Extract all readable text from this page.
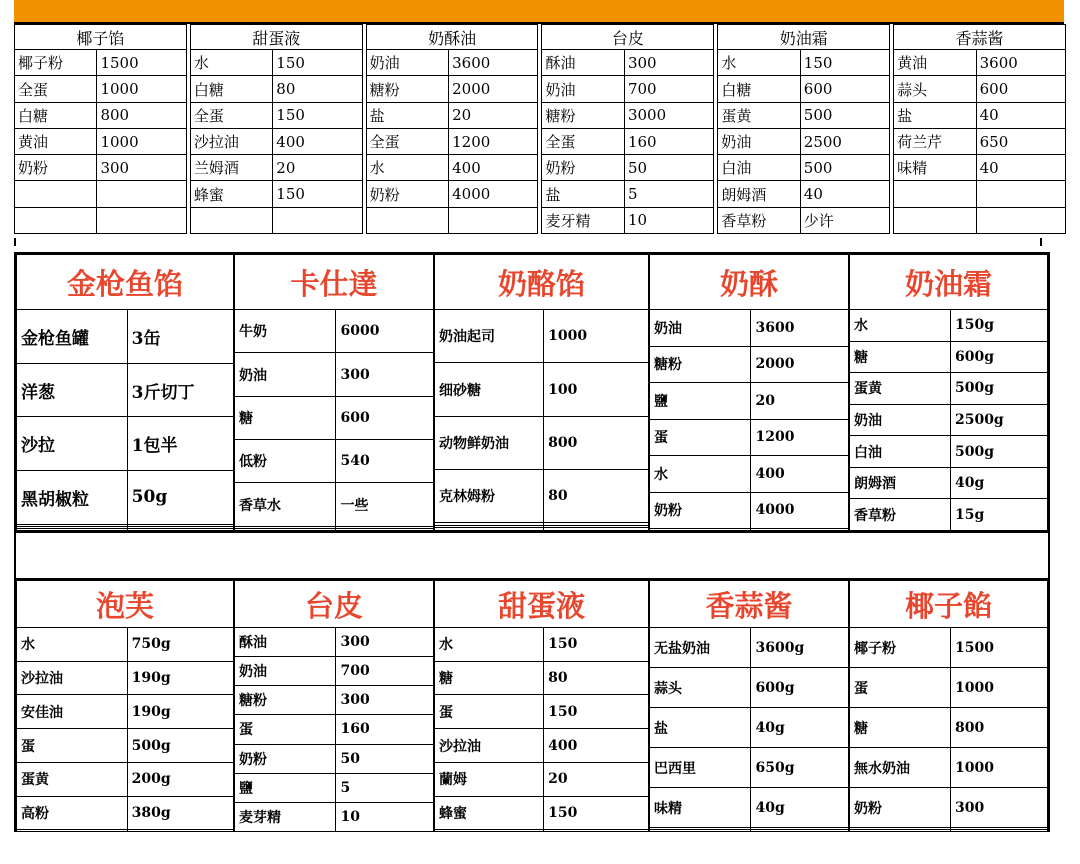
椰子馅	
椰子粉	1500
全蛋	1000
白糖	800
黄油	1000
奶粉	300

甜蛋液	
水	150
白糖	80
全蛋	150
沙拉油	400
兰姆酒	20
蜂蜜	150

奶酥油	
奶油	3600
糖粉	2000
盐	20
全蛋	1200
水	400
奶粉	4000

台皮	
酥油	300
奶油	700
糖粉	3000
全蛋	160
奶粉	50
盐	5
麦牙精	10
奶油霜	
水	150
白糖	600
蛋黄	500
奶油	2500
白油	500
朗姆酒	40
香草粉	少许
香蒜酱	
黄油	3600
蒜头	600
盐	40
荷兰芹	650
味精	40

金枪鱼馅	
金枪鱼罐	3缶
洋葱	3斤切丁
沙拉	1包半
黑胡椒粒	50g

卡仕達	
牛奶	6000
奶油	300
糖	600
低粉	540
香草水	一些

奶酪馅	
奶油起司	1000
细砂糖	100
动物鲜奶油	800
克林姆粉	80

奶酥	
奶油	3600
糖粉	2000
鹽	20
蛋	1200
水	400
奶粉	4000

奶油霜	
水	150g
糖	600g
蛋黄	500g
奶油	2500g
白油	500g
朗姆酒	40g
香草粉	15g
泡芙	
水	750g
沙拉油	190g
安佳油	190g
蛋	500g
蛋黄	200g
高粉	380g

台皮	
酥油	300
奶油	700
糖粉	300
蛋	160
奶粉	50
鹽	5
麦芽精	10
甜蛋液	
水	150
糖	80
蛋	150
沙拉油	400
蘭姆	20
蜂蜜	150

香蒜酱	
无盐奶油	3600g
蒜头	600g
盐	40g
巴西里	650g
味精	40g

椰子餡	
椰子粉	1500
蛋	1000
糖	800
無水奶油	1000
奶粉	300
